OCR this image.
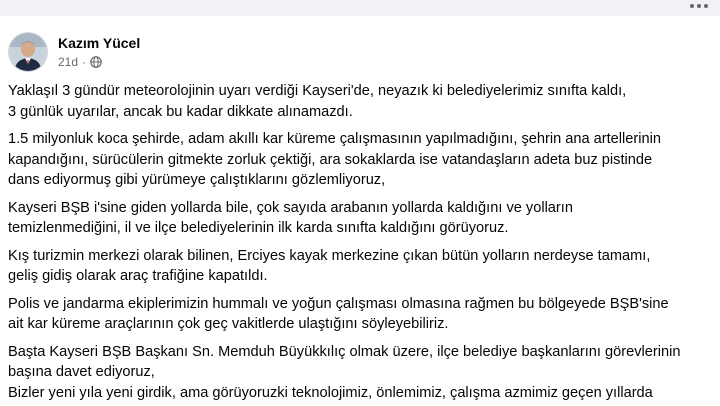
Kazım Yücel
21d ·

Yaklaşıl 3 gündür meteorolojinin uyarı verdiği Kayseri'de, neyazık ki belediyelerimiz sınıfta kaldı,
3 günlük uyarılar, ancak bu kadar dikkate alınamazdı.

1.5 milyonluk koca şehirde, adam akıllı kar küreme çalışmasının yapılmadığını, şehrin ana artellerinin
kapandığını, sürücülerin gitmekte zorluk çektiği, ara sokaklarda ise vatandaşların adeta buz pistinde
dans ediyormuş gibi yürümeye çalıştıklarını gözlemliyoruz,

Kayseri BŞB i'sine giden yollarda bile, çok sayıda arabanın yollarda kaldığını ve yolların
temizlenmediğini, il ve ilçe belediyelerinin ilk karda sınıfta kaldığını görüyoruz.

Kış turizmin merkezi olarak bilinen, Erciyes kayak merkezine çıkan bütün yolların nerdeyse tamamı,
geliş gidiş olarak araç trafiğine kapatıldı.

Polis ve jandarma ekiplerimizin hummalı ve yoğun çalışması olmasına rağmen bu bölgeyede BŞB'sine
ait kar küreme araçlarının çok geç vakitlerde ulaştığını söyleyebiliriz.

Başta Kayseri BŞB Başkanı Sn. Memduh Büyükkılıç olmak üzere, ilçe belediye başkanlarını görevlerinin
başına davet ediyoruz,
Bizler yeni yıla yeni girdik, ama görüyoruzki teknolojimiz, önlemimiz, çalışma azmimiz geçen yıllarda
